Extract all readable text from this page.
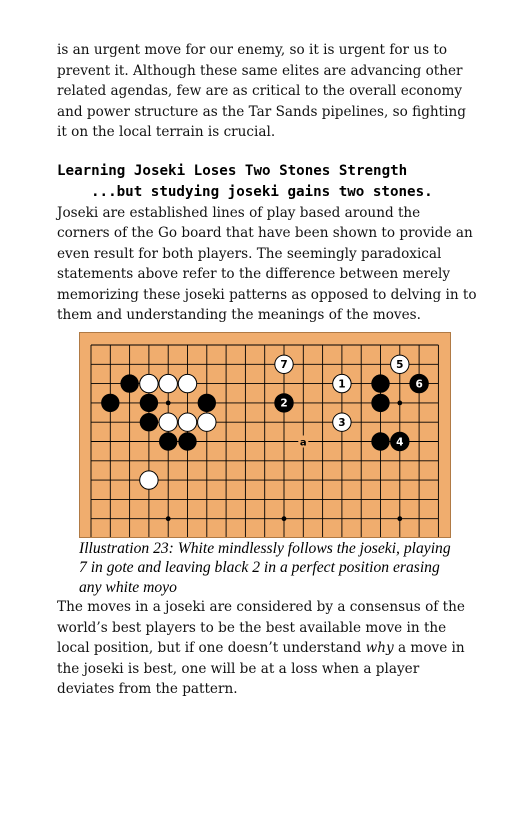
is an urgent move for our enemy, so it is urgent for us to prevent it. Although these same elites are advancing other related agendas, few are as critical to the overall economy and power structure as the Tar Sands pipelines, so fighting it on the local terrain is crucial.

Learning Joseki Loses Two Stones Strength

...but studying joseki gains two stones. Joseki are established lines of play based around the corners of the Go board that have been shown to provide an even result for both players. The seemingly paradoxical statements above refer to the difference between merely memorizing these joseki patterns as opposed to delving in to them and understanding the meanings of the moves.

a
7
2
1
3
5
6
4

Illustration 23: White mindlessly follows the joseki, playing 7 in gote and leaving black 2 in a perfect position erasing any white moyo

The moves in a joseki are considered by a consensus of the world’s best players to be the best available move in the local position, but if one doesn’t understand why a move in the joseki is best, one will be at a loss when a player deviates from the pattern.
